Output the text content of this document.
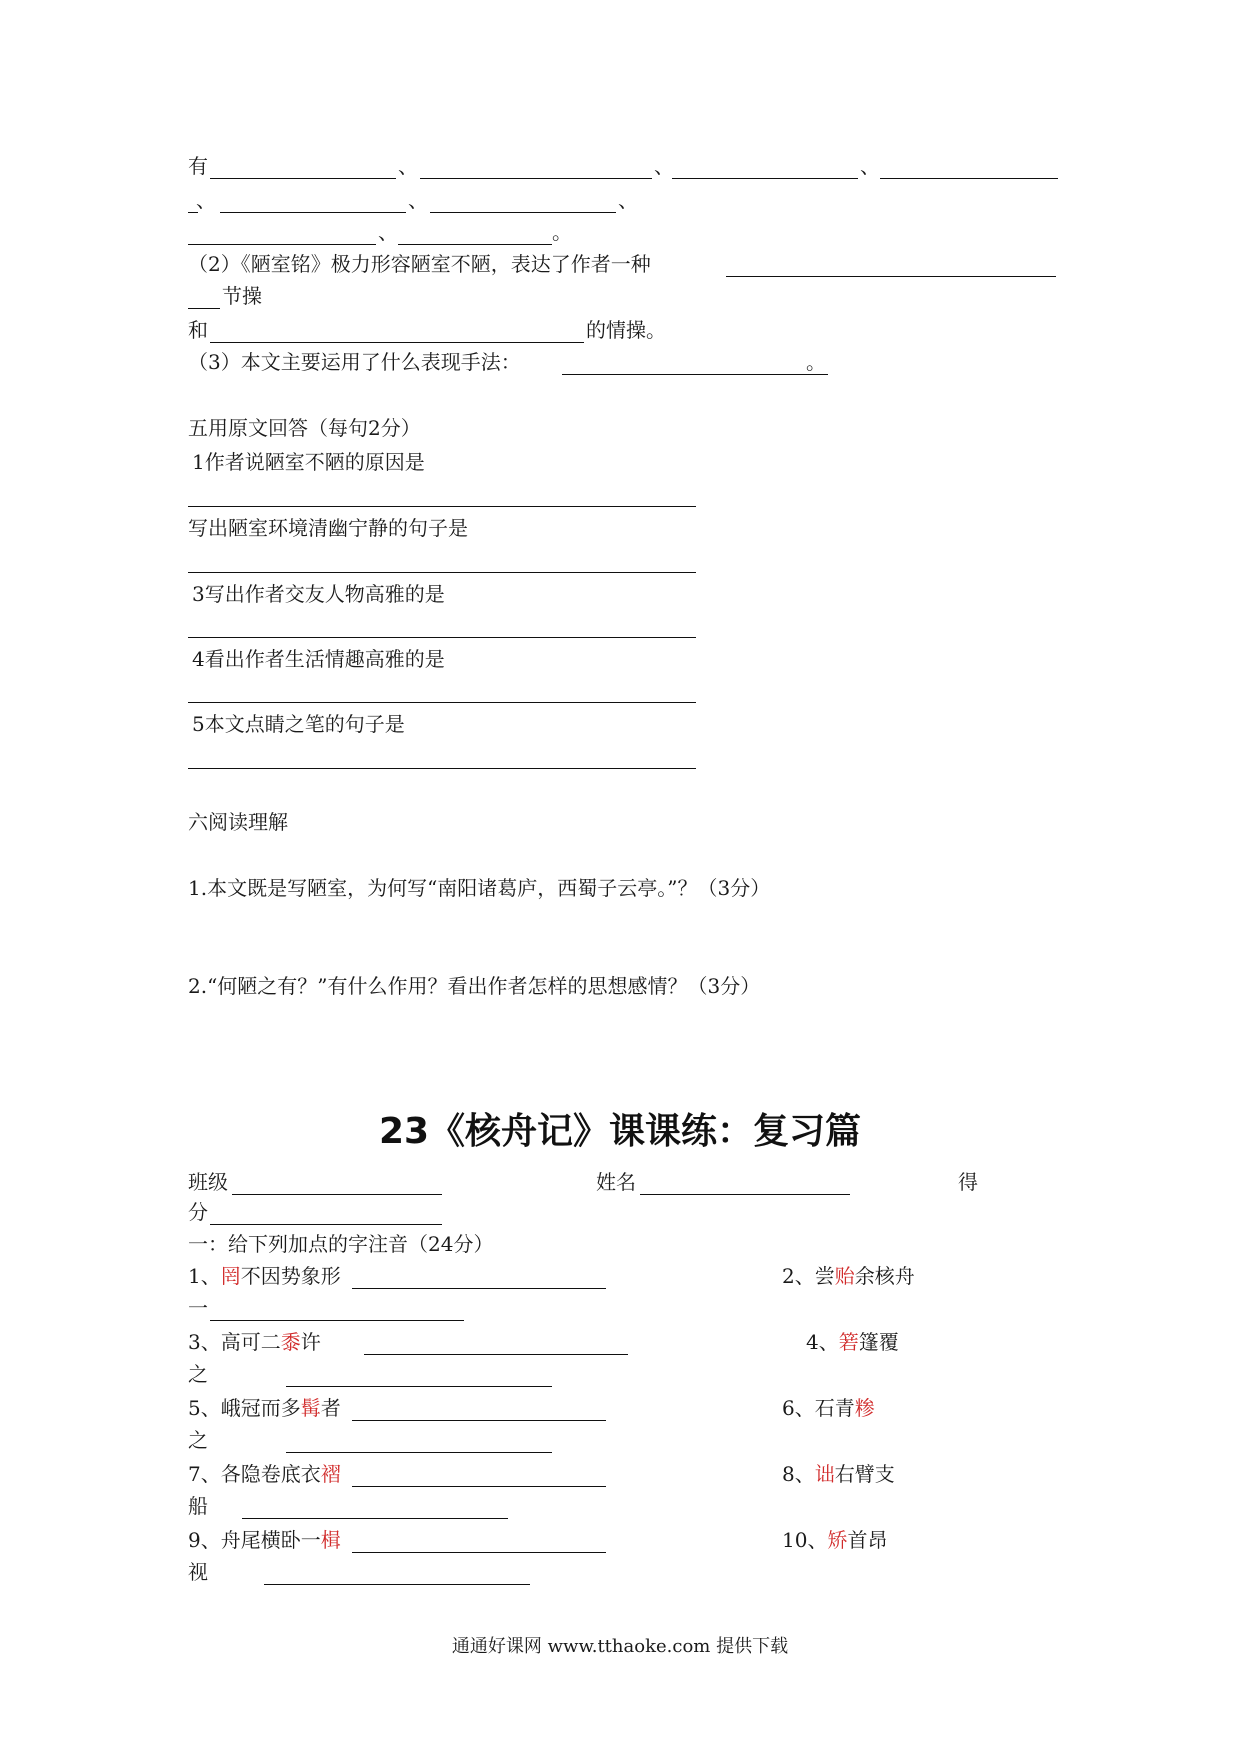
有	、	、	、
、	、	、
、	。
（2）《陋室铭》极力形容陋室不陋，表达了作者一种
节操
和	的情操。
（3）本文主要运用了什么表现手法：	。
五用原文回答（每句2分）
1作者说陋室不陋的原因是
写出陋室环境清幽宁静的句子是
3写出作者交友人物高雅的是
4看出作者生活情趣高雅的是
5本文点睛之笔的句子是
六阅读理解
1.本文既是写陋室，为何写“南阳诸葛庐，西蜀子云亭。”？（3分）
2.“何陋之有？”有什么作用？看出作者怎样的思想感情？（3分）
23《核舟记》课课练：复习篇
班级	姓名	得
分
一：给下列加点的字注音（24分）
1、罔不因势象形	2、尝贻余核舟
一
3、高可二黍许	4、箬篷覆
之
5、峨冠而多髯者	6、石青糁
之
7、各隐卷底衣褶	8、诎右臂支
船
9、舟尾横卧一楫	10、矫首昂
视
通通好课网 www.tthaoke.com 提供下载
